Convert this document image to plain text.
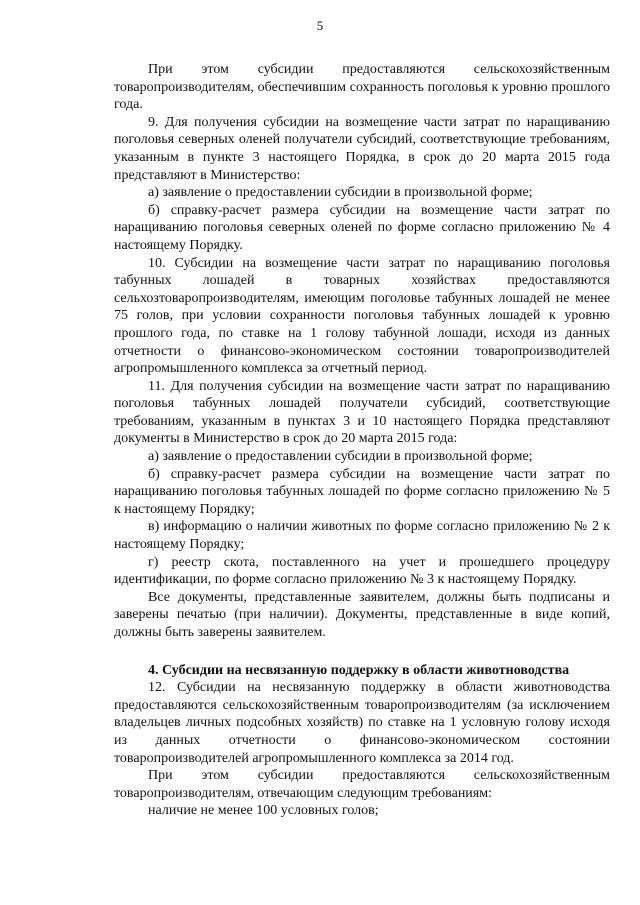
5

При этом субсидии предоставляются сельскохозяйственным товаропроизводителям, обеспечившим сохранность поголовья к уровню прошлого года.

9. Для получения субсидии на возмещение части затрат по наращиванию поголовья северных оленей получатели субсидий, соответствующие требованиям, указанным в пункте 3 настоящего Порядка, в срок до 20 марта 2015 года представляют в Министерство:

а) заявление о предоставлении субсидии в произвольной форме;

б) справку-расчет размера субсидии на возмещение части затрат по наращиванию поголовья северных оленей по форме согласно приложению № 4 настоящему Порядку.

10. Субсидии на возмещение части затрат по наращиванию поголовья табунных лошадей в товарных хозяйствах предоставляются сельхозтоваропроизводителям, имеющим поголовье табунных лошадей не менее 75 голов, при условии сохранности поголовья табунных лошадей к уровню прошлого года, по ставке на 1 голову табунной лошади, исходя из данных отчетности о финансово-экономическом состоянии товаропроизводителей агропромышленного комплекса за отчетный период.

11. Для получения субсидии на возмещение части затрат по наращиванию поголовья табунных лошадей получатели субсидий, соответствующие требованиям, указанным в пунктах 3 и 10 настоящего Порядка представляют документы в Министерство в срок до 20 марта 2015 года:

а) заявление о предоставлении субсидии в произвольной форме;

б) справку-расчет размера субсидии на возмещение части затрат по наращиванию поголовья табунных лошадей по форме согласно приложению № 5 к настоящему Порядку;

в) информацию о наличии животных по форме согласно приложению № 2 к настоящему Порядку;

г) реестр скота, поставленного на учет и прошедшего процедуру идентификации, по форме согласно приложению № 3 к настоящему Порядку.

Все документы, представленные заявителем, должны быть подписаны и заверены печатью (при наличии). Документы, представленные в виде копий, должны быть заверены заявителем.

4. Субсидии на несвязанную поддержку в области животноводства

12. Субсидии на несвязанную поддержку в области животноводства предоставляются сельскохозяйственным товаропроизводителям (за исключением владельцев личных подсобных хозяйств) по ставке на 1 условную голову исходя из данных отчетности о финансово-экономическом состоянии товаропроизводителей агропромышленного комплекса за 2014 год.

При этом субсидии предоставляются сельскохозяйственным товаропроизводителям, отвечающим следующим требованиям:

наличие не менее 100 условных голов;
